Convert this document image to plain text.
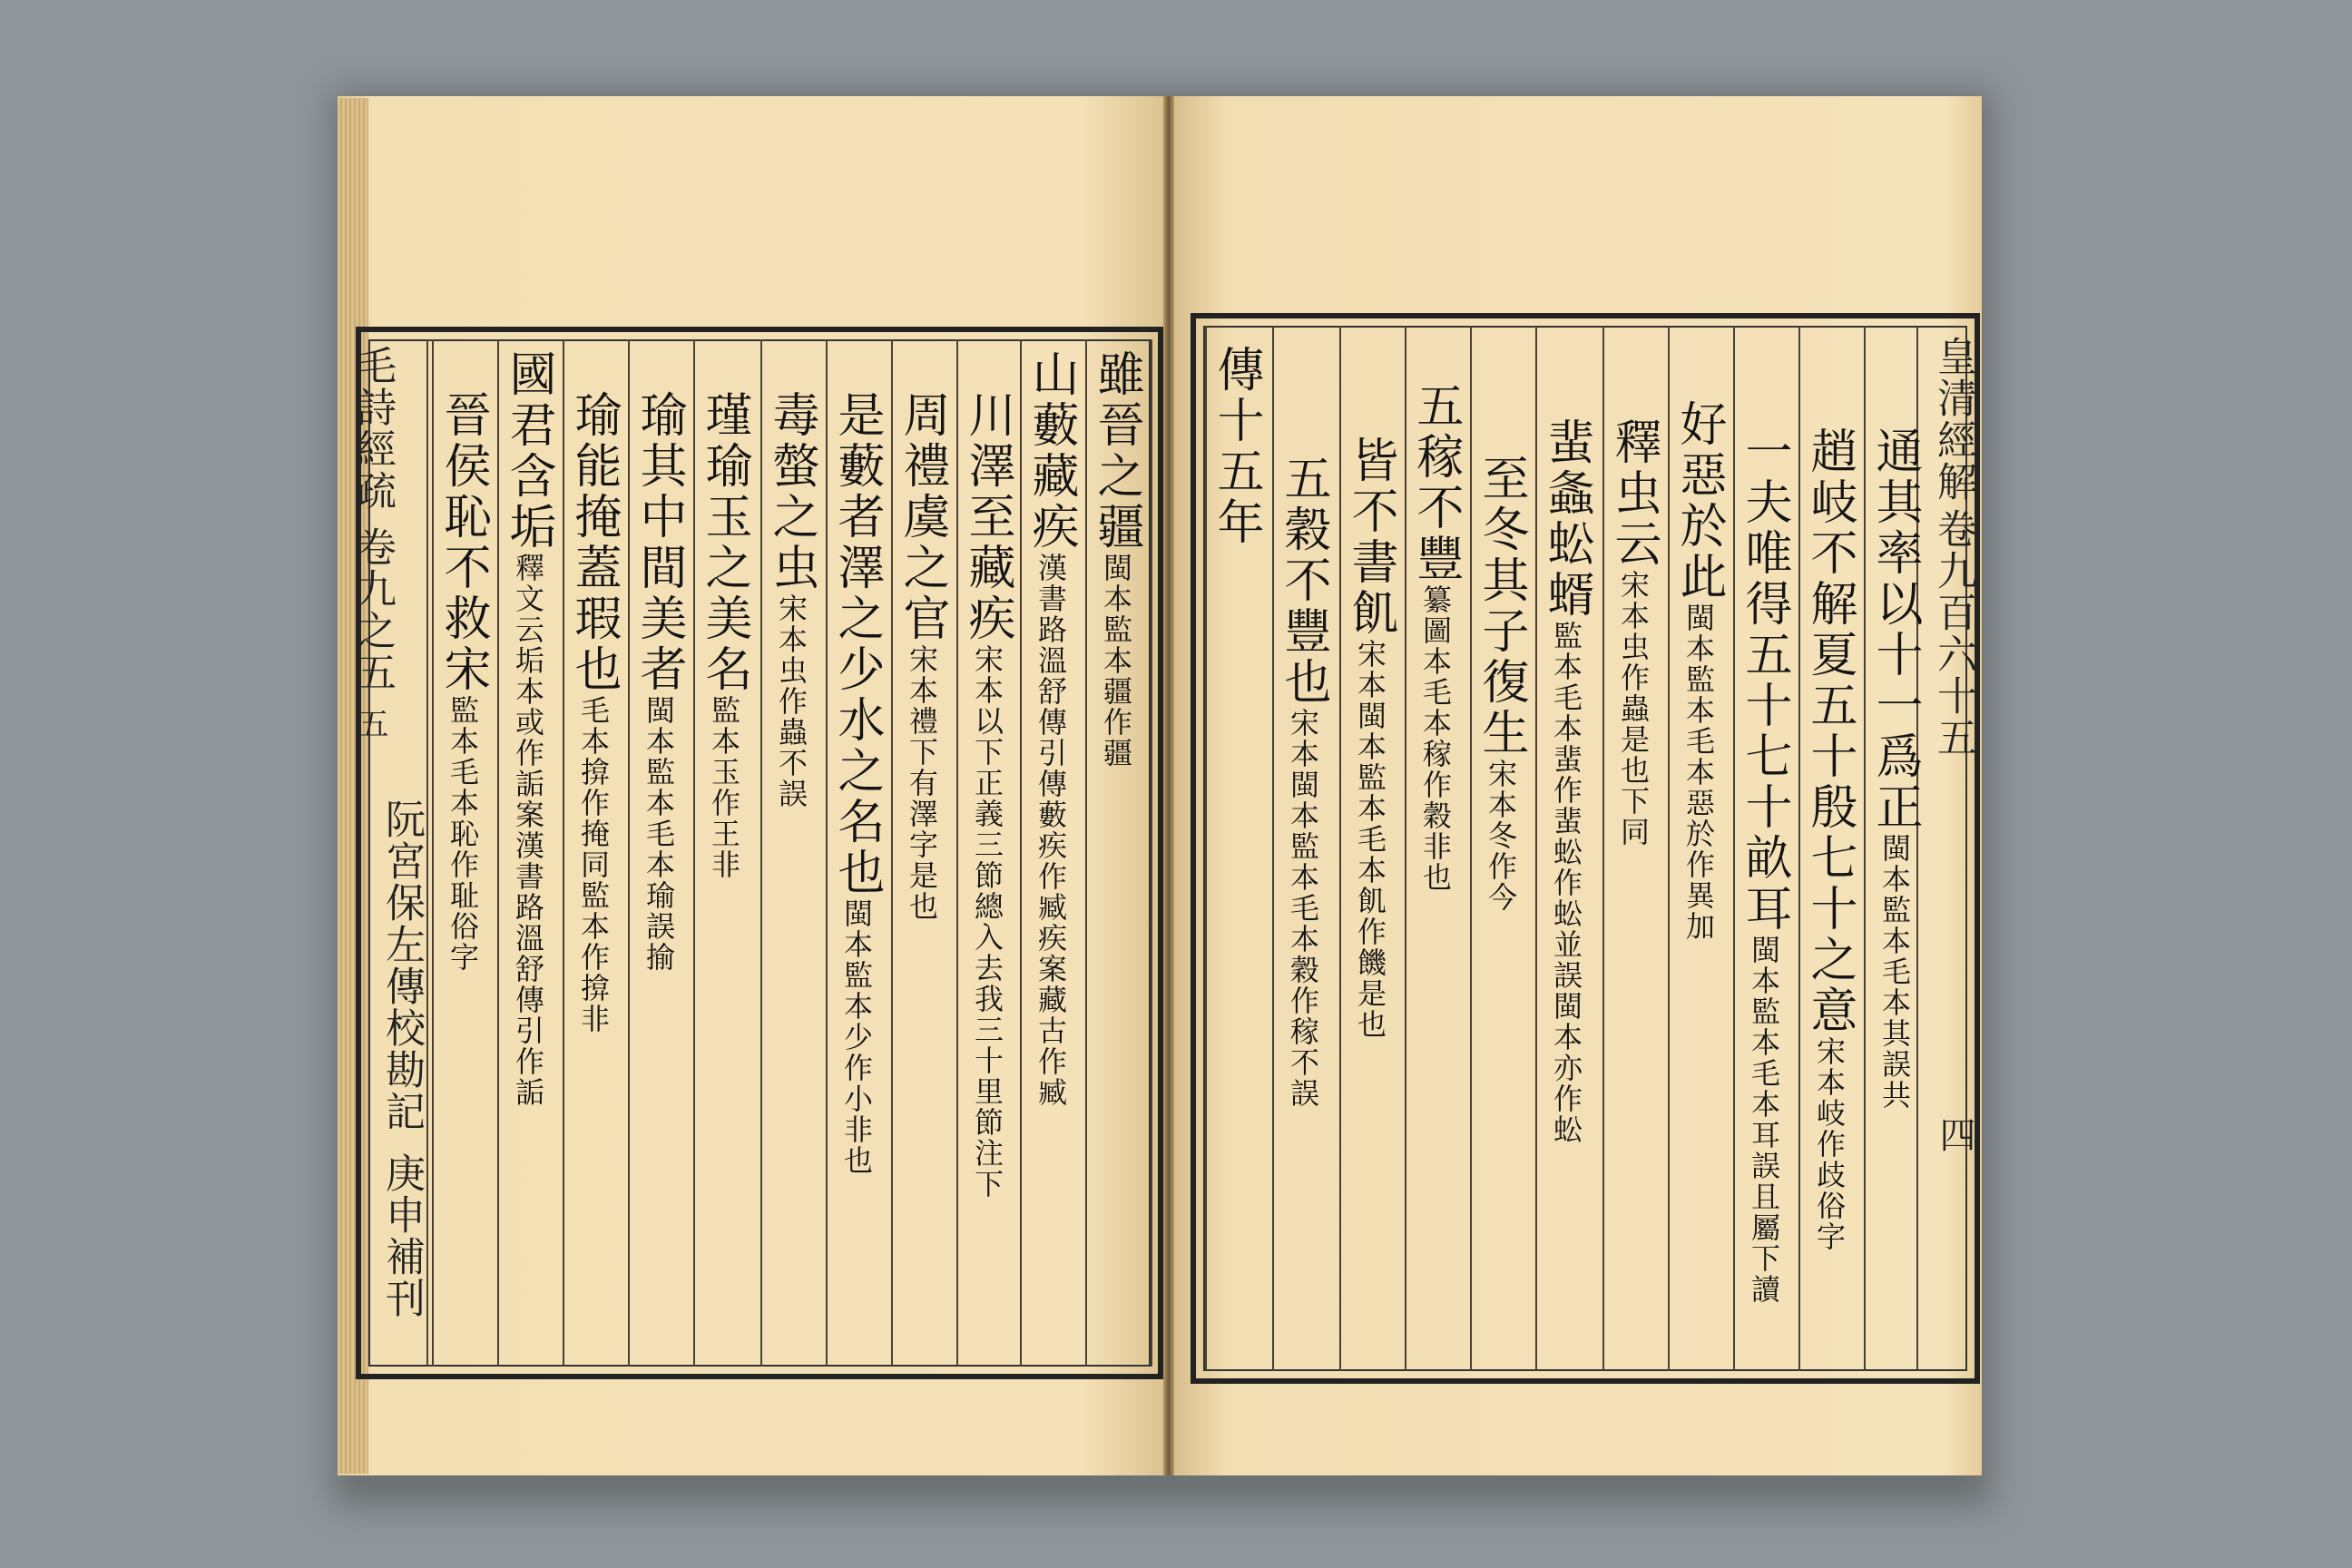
毛詩經疏
卷九之五
五
阮宮保左傳校勘記
庚申補刊
皇清經解
卷九百六十五
四
雖晉之疆閩本監本疆作疆
山藪藏疾漢書路溫舒傳引傳藪疾作臧疾案藏古作臧
川澤至藏疾宋本以下正義三節總入去我三十里節注下
周禮虞之官宋本禮下有澤字是也
是藪者澤之少水之名也閩本監本少作小非也
毒螫之虫宋本虫作蟲不誤
瑾瑜玉之美名監本玉作王非
瑜其中間美者閩本監本毛本瑜誤揄
瑜能掩蓋瑕也毛本揜作掩同監本作揜非
國君含垢釋文云垢本或作詬案漢書路溫舒傳引作詬
晉侯恥不救宋監本毛本恥作耻俗字
通其率以十一爲正閩本監本毛本其誤共
趙岐不解夏五十殷七十之意宋本岐作歧俗字
一夫唯得五十七十畝耳閩本監本毛本耳誤且屬下讀
好惡於此閩本監本毛本惡於作異加
釋虫云宋本虫作蟲是也下同
蜚螽蚣蝑監本毛本蜚作蜚蚣作蚣並誤閩本亦作蚣
至冬其子復生宋本冬作今
五稼不豐纂圖本毛本稼作穀非也
皆不書飢宋本閩本監本毛本飢作饑是也
五穀不豐也宋本閩本監本毛本穀作稼不誤
傳十五年
